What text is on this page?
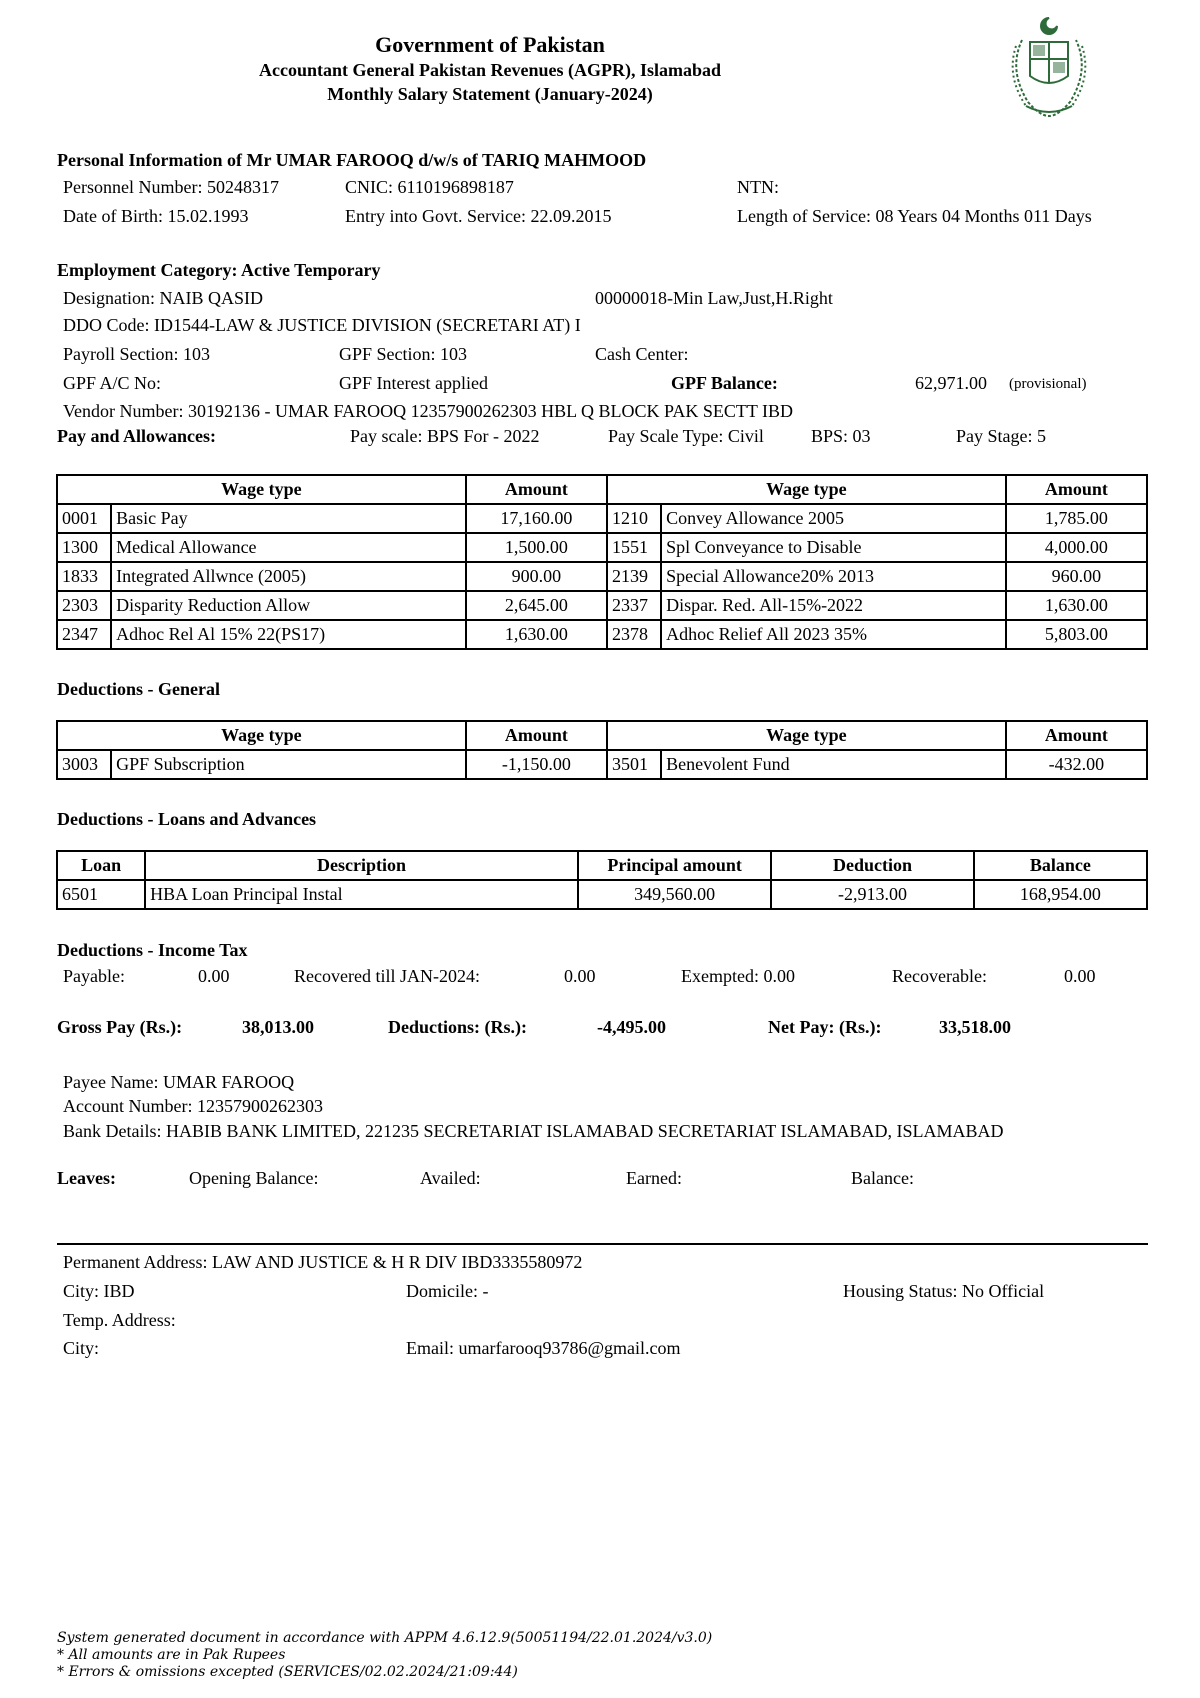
Government of Pakistan
Accountant General Pakistan Revenues (AGPR), Islamabad
Monthly Salary Statement (January-2024)
Personal Information of Mr UMAR FAROOQ d/w/s of TARIQ MAHMOOD
Personnel Number: 50248317	CNIC: 6110196898187	NTN:
Date of Birth: 15.02.1993	Entry into Govt. Service: 22.09.2015	Length of Service: 08 Years 04 Months 011 Days
Employment Category: Active Temporary
Designation: NAIB QASID	00000018-Min Law,Just,H.Right
DDO Code: ID1544-LAW & JUSTICE DIVISION (SECRETARI AT) I
Payroll Section: 103	GPF Section: 103	Cash Center:
GPF A/C No:	GPF Interest applied	GPF Balance:	62,971.00 (provisional)
Vendor Number: 30192136 - UMAR FAROOQ 12357900262303 HBL Q BLOCK PAK SECTT IBD
Pay and Allowances:	Pay scale: BPS For - 2022	Pay Scale Type: Civil	BPS: 03	Pay Stage: 5
Wage type		Amount	Wage type		Amount
0001	Basic Pay	17,160.00	1210	Convey Allowance 2005	1,785.00
1300	Medical Allowance	1,500.00	1551	Spl Conveyance to Disable	4,000.00
1833	Integrated Allwnce (2005)	900.00	2139	Special Allowance20% 2013	960.00
2303	Disparity Reduction Allow	2,645.00	2337	Dispar. Red. All-15%-2022	1,630.00
2347	Adhoc Rel Al 15% 22(PS17)	1,630.00	2378	Adhoc Relief All 2023 35%	5,803.00
Deductions - General
Wage type		Amount	Wage type		Amount
3003	GPF Subscription	-1,150.00	3501	Benevolent Fund	-432.00
Deductions - Loans and Advances
Loan	Description	Principal amount	Deduction	Balance
6501	HBA Loan Principal Instal	349,560.00	-2,913.00	168,954.00
Deductions - Income Tax
Payable:	0.00	Recovered till JAN-2024:	0.00	Exempted: 0.00	Recoverable:	0.00
Gross Pay (Rs.):	38,013.00	Deductions: (Rs.):	-4,495.00	Net Pay: (Rs.):	33,518.00
Payee Name: UMAR FAROOQ
Account Number: 12357900262303
Bank Details: HABIB BANK LIMITED, 221235 SECRETARIAT ISLAMABAD SECRETARIAT ISLAMABAD, ISLAMABAD
Leaves:	Opening Balance:	Availed:	Earned:	Balance:
Permanent Address: LAW AND JUSTICE & H R DIV IBD3335580972
City: IBD	Domicile: -	Housing Status: No Official
Temp. Address:
City:	Email: umarfarooq93786@gmail.com
System generated document in accordance with APPM 4.6.12.9(50051194/22.01.2024/v3.0)
* All amounts are in Pak Rupees
* Errors & omissions excepted (SERVICES/02.02.2024/21:09:44)
